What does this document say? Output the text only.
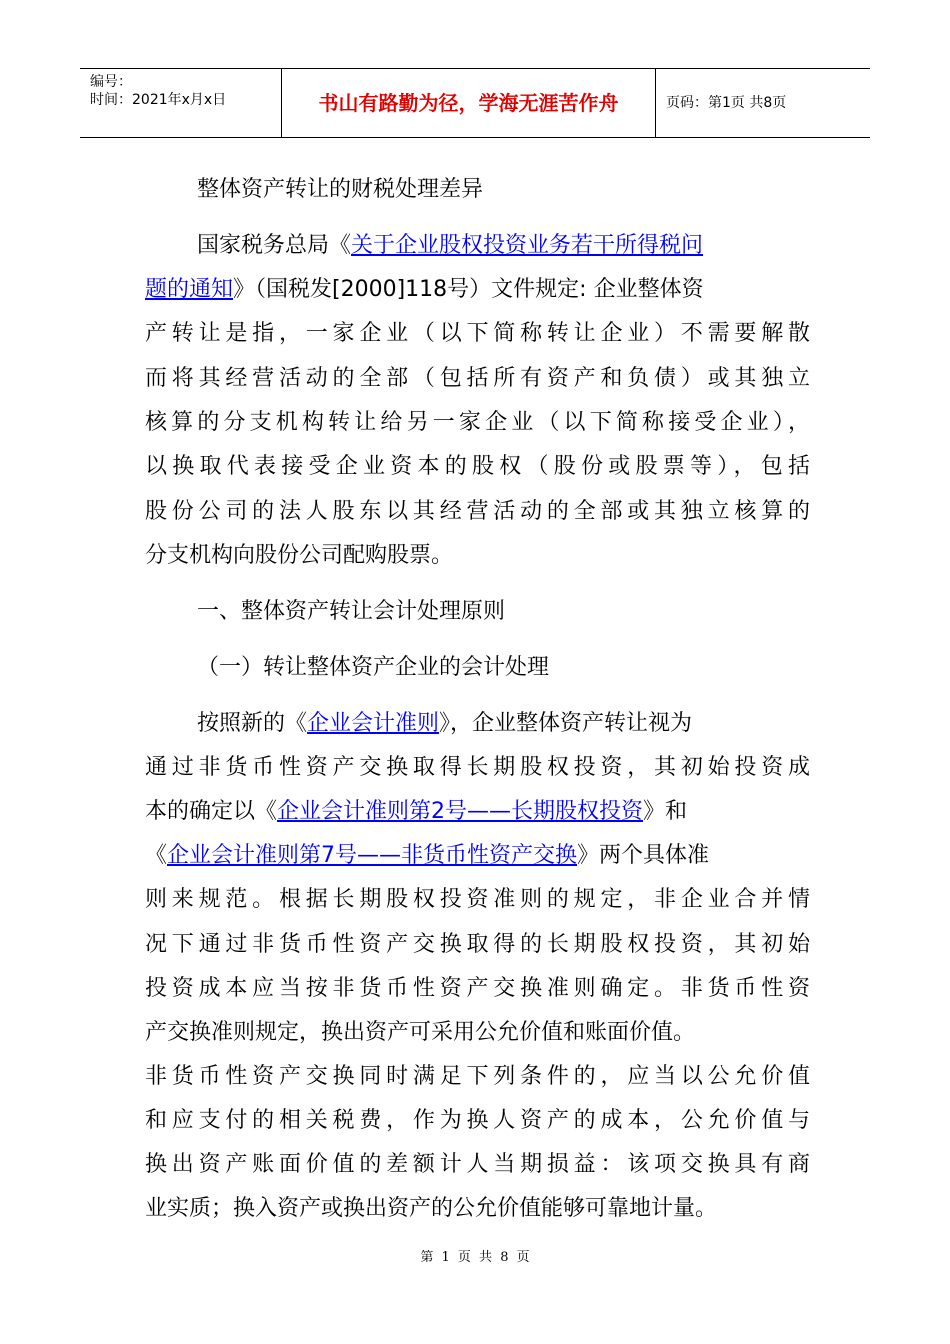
编号：
时间：2021年x月x日	书山有路勤为径，学海无涯苦作舟	页码：第1页 共8页
整体资产转让的财税处理差异
国家税务总局《关于企业股权投资业务若干所得税问
题的通知》（国税发[2000]118号）文件规定: 企业整体资
产转让是指，一家企业（以下简称转让企业）不需要解散
而将其经营活动的全部（包括所有资产和负债）或其独立
核算的分支机构转让给另一家企业（以下简称接受企业），
以换取代表接受企业资本的股权（股份或股票等），包括
股份公司的法人股东以其经营活动的全部或其独立核算的
分支机构向股份公司配购股票。
一、整体资产转让会计处理原则
（一）转让整体资产企业的会计处理
按照新的《企业会计准则》，企业整体资产转让视为
通过非货币性资产交换取得长期股权投资，其初始投资成
本的确定以《企业会计准则第2号——长期股权投资》和
《企业会计准则第7号——非货币性资产交换》两个具体准
则来规范。根据长期股权投资准则的规定，非企业合并情
况下通过非货币性资产交换取得的长期股权投资，其初始
投资成本应当按非货币性资产交换准则确定。非货币性资
产交换准则规定，换出资产可采用公允价值和账面价值。
非货币性资产交换同时满足下列条件的，应当以公允价值
和应支付的相关税费，作为换人资产的成本，公允价值与
换出资产账面价值的差额计人当期损益：该项交换具有商
业实质；换入资产或换出资产的公允价值能够可靠地计量。
第 1 页 共 8 页
